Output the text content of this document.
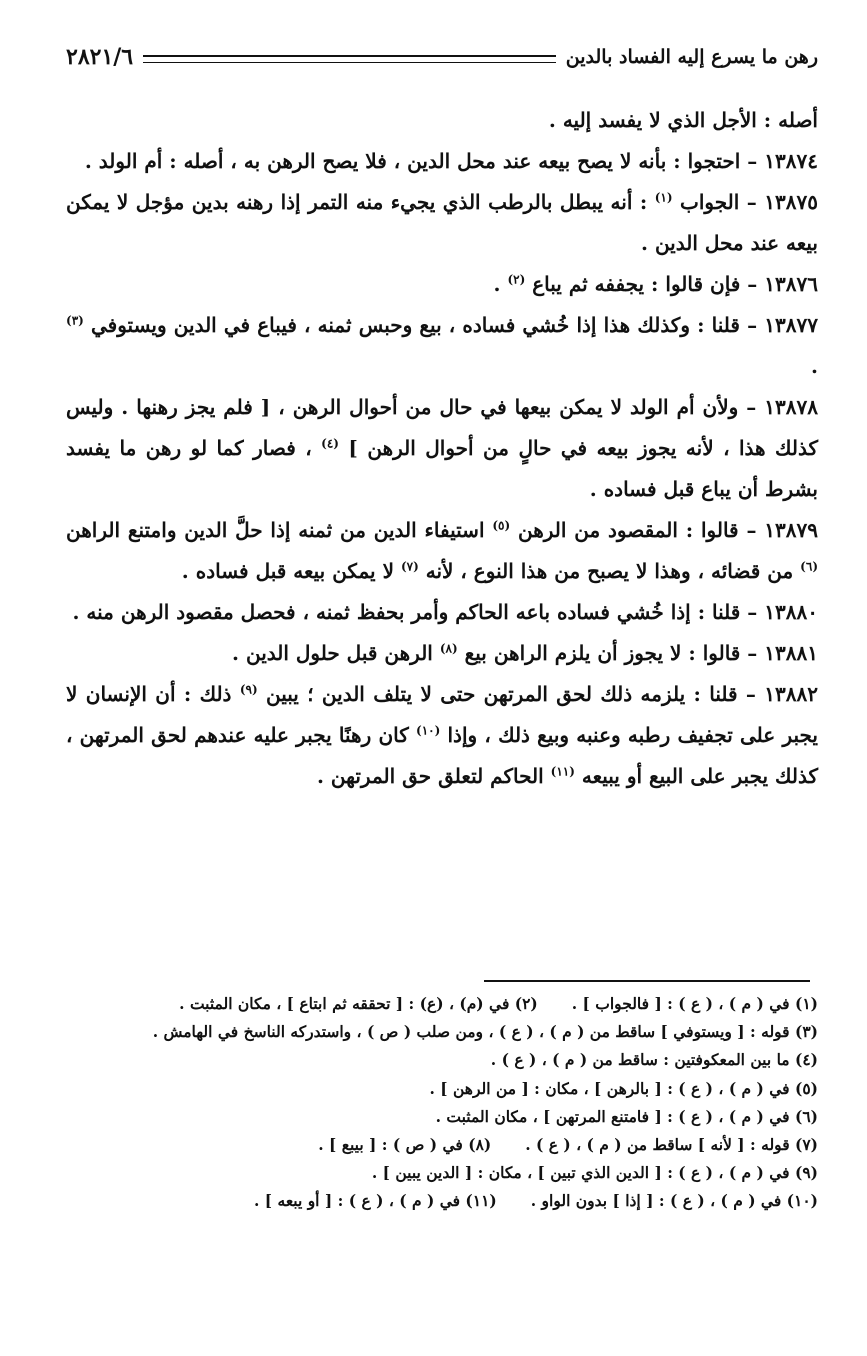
رهن ما يسرع إليه الفساد بالدين
٢٨٢١/٦

أصله : الأجل الذي لا يفسد إليه .

١٣٨٧٤ – احتجوا : بأنه لا يصح بيعه عند محل الدين ، فلا يصح الرهن به ، أصله : أم الولد .

١٣٨٧٥ – الجواب $^{(١)}$ : أنه يبطل بالرطب الذي يجيء منه التمر إذا رهنه بدين مؤجل لا يمكن بيعه عند محل الدين .

١٣٨٧٦ – فإن قالوا : يجففه ثم يباع $^{(٢)}$ .

١٣٨٧٧ – قلنا : وكذلك هذا إذا خُشي فساده ، بيع وحبس ثمنه ، فيباع في الدين ويستوفي $^{(٣)}$ .

١٣٨٧٨ – ولأن أم الولد لا يمكن بيعها في حال من أحوال الرهن ، [ فلم يجز رهنها . وليس كذلك هذا ، لأنه يجوز بيعه في حالٍ من أحوال الرهن ] $^{(٤)}$ ، فصار كما لو رهن ما يفسد بشرط أن يباع قبل فساده .

١٣٨٧٩ – قالوا : المقصود من الرهن $^{(٥)}$ استيفاء الدين من ثمنه إذا حلَّ الدين وامتنع الراهن $^{(٦)}$ من قضائه ، وهذا لا يصبح من هذا النوع ، لأنه $^{(٧)}$ لا يمكن بيعه قبل فساده .

١٣٨٨٠ – قلنا : إذا خُشي فساده باعه الحاكم وأمر بحفظ ثمنه ، فحصل مقصود الرهن منه .

١٣٨٨١ – قالوا : لا يجوز أن يلزم الراهن بيع $^{(٨)}$ الرهن قبل حلول الدين .

١٣٨٨٢ – قلنا : يلزمه ذلك لحق المرتهن حتى لا يتلف الدين ؛ يبين $^{(٩)}$ ذلك : أن الإنسان لا يجبر على تجفيف رطبه وعنبه وبيع ذلك ، وإذا $^{(١٠)}$ كان رهنًا يجبر عليه عندهم لحق المرتهن ، كذلك يجبر على البيع أو يبيعه $^{(١١)}$ الحاكم لتعلق حق المرتهن .

(١) في ( م ) ، ( ع ) : [ فالجواب ] .(٢) في (م) ، (ع) : [ تحققه ثم ابتاع ] ، مكان المثبت .

(٣) قوله : [ ويستوفي ] ساقط من ( م ) ، ( ع ) ، ومن صلب ( ص ) ، واستدركه الناسخ في الهامش .

(٤) ما بين المعكوفتين : ساقط من ( م ) ، ( ع ) .

(٥) في ( م ) ، ( ع ) : [ بالرهن ] ، مكان : [ من الرهن ] .

(٦) في ( م ) ، ( ع ) : [ فامتنع المرتهن ] ، مكان المثبت .

(٧) قوله : [ لأنه ] ساقط من ( م ) ، ( ع ) .(٨) في ( ص ) : [ بيبع ] .

(٩) في ( م ) ، ( ع ) : [ الدين الذي تبين ] ، مكان : [ الدين يبين ] .

(١٠) في ( م ) ، ( ع ) : [ إذا ] بدون الواو .(١١) في ( م ) ، ( ع ) : [ أو يبعه ] .
